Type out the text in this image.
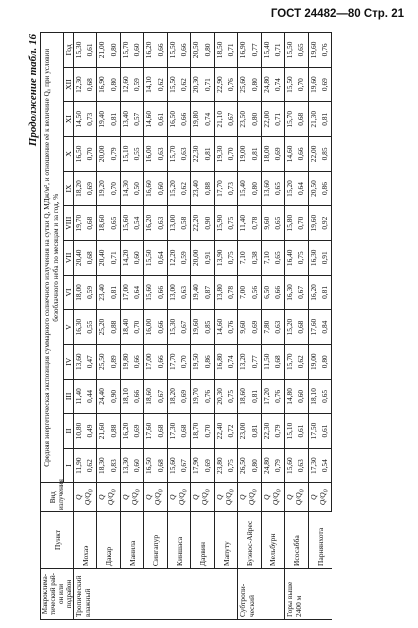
ГОСТ 24482—80 Стр. 21
Продолжение табл. 16
Макроклима-тический рай-он или подрайон	Пункт	Вид излучения	Средняя энергетическая экспозиция суммарного солнечного излучения на сутки Q, МДж/м², и отношение её к величине Q₀ при условии безоблачного неба по месяцам и за год, %												
			I	II	III	IV	V	VI	VII	VIII	IX	X	XI	XII	Год
Тропический влажный	Мохаэ	Q	11,90	10,80	11,40	13,60	16,30	18,00	20,40	19,70	18,20	16,50	14,50	12,30	15,30
		$Q/Q_0$	0,62	0,49	0,44	0,47	0,55	0,59	0,68	0,68	0,69	0,70	0,73	0,68	0,61
	Дакар	Q	18,30	21,60	24,40	25,50	25,20	23,40	20,40	18,60	19,20	20,00	19,40	16,90	21,00
		$Q/Q_0$	0,83	0,88	0,90	0,89	0,88	0,81	0,71	0,65	0,70	0,79	0,81	0,80	0,80
	Манила	Q	13,30	16,20	18,10	19,80	18,40	17,00	14,20	15,60	14,30	15,10	13,40	12,60	15,70
		$Q/Q_0$	0,60	0,69	0,66	0,66	0,70	0,64	0,60	0,54	0,50	0,55	0,57	0,59	0,60
	Сингапур	Q	16,50	17,60	18,60	17,00	16,00	15,60	15,50	16,20	16,60	16,00	14,60	14,10	16,20
		$Q/Q_0$	0,68	0,68	0,67	0,66	0,66	0,66	0,64	0,63	0,60	0,63	0,61	0,62	0,66
	Киншаса	Q	15,60	17,30	18,20	17,70	15,30	13,00	12,20	13,00	15,20	15,70	16,50	15,50	15,50
		$Q/Q_0$	0,67	0,68	0,69	0,70	0,67	0,63	0,59	0,58	0,62	0,63	0,66	0,62	0,66
	Дарвин	Q	17,90	18,70	19,70	19,50	19,60	19,40	20,00	22,20	23,40	22,30	19,80	20,30	20,50
		$Q/Q_0$	0,69	0,70	0,76	0,86	0,85	0,87	0,91	0,90	0,88	0,81	0,74	0,71	0,80
	Мапуту	Q	23,80	22,40	20,30	16,80	14,60	13,80	13,90	15,90	17,70	19,30	21,10	22,90	18,50
		$Q/Q_0$	0,75	0,72	0,75	0,74	0,76	0,78	0,75	0,75	0,73	0,70	0,67	0,76	0,71
Субтропи-ческий	Буэнос-Айрес	Q	26,50	23,00	18,60	13,20	9,60	7,00	7,10	11,40	15,40	19,00	23,50	25,60	16,90
		$Q/Q_0$	0,80	0,81	0,81	0,77	0,69	0,56	0,38	0,78	0,80	0,81	0,80	0,80	0,77
	Мельбурн	Q	24,80	22,30	17,20	11,50	7,80	6,50	7,10	9,60	13,60	18,00	22,00	24,80	15,40
		$Q/Q_0$	0,79	0,79	0,76	0,68	0,63	0,66	0,65	0,65	0,65	0,69	0,71	0,74	0,71
Горы выше 2400 м	Исосабба	Q	15,60	15,10	14,80	15,70	15,20	16,30	16,40	15,80	15,20	14,60	15,70	15,50	15,50
		$Q/Q_0$	0,63	0,61	0,60	0,62	0,68	0,67	0,75	0,70	0,64	0,66	0,68	0,70	0,65
	Парнянхота	Q	17,30	17,50	18,10	19,00	17,60	16,20	16,30	19,60	20,50	22,00	21,30	19,60	19,60
		$Q/Q_0$	0,54	0,61	0,65	0,80	0,84	0,81	0,91	0,92	0,86	0,85	0,81	0,69	0,76
